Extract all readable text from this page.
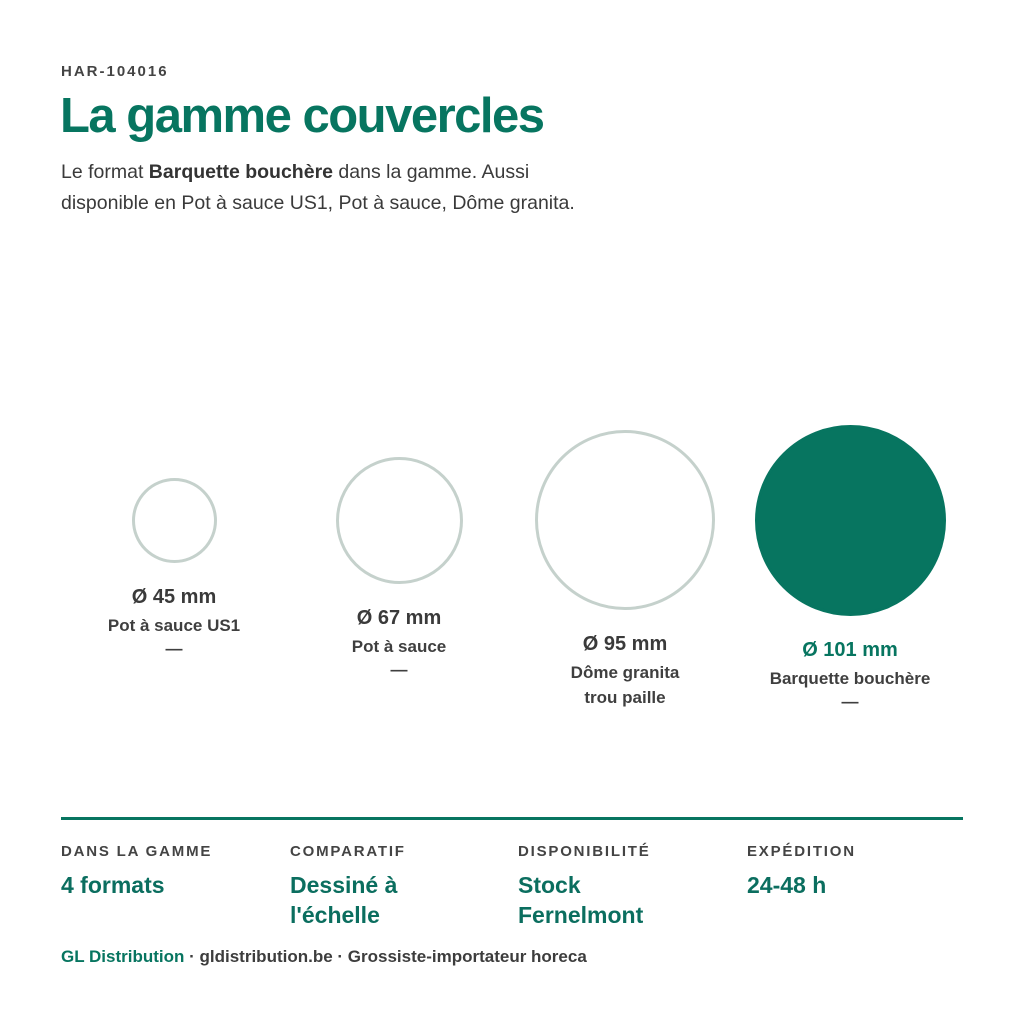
HAR-104016
La gamme couvercles

Le format Barquette bouchère dans la gamme. Aussi disponible en Pot à sauce US1, Pot à sauce, Dôme granita.

Ø 45 mm
Pot à sauce US1
—
Ø 67 mm
Pot à sauce
—
Ø 95 mm
Dôme granita
trou paille
Ø 101 mm
Barquette bouchère
—
DANS LA GAMME
4 formats
COMPARATIF
Dessiné à l'échelle
DISPONIBILITÉ
Stock Fernelmont
EXPÉDITION
24-48 h
GL Distribution · gldistribution.be · Grossiste-importateur horeca
